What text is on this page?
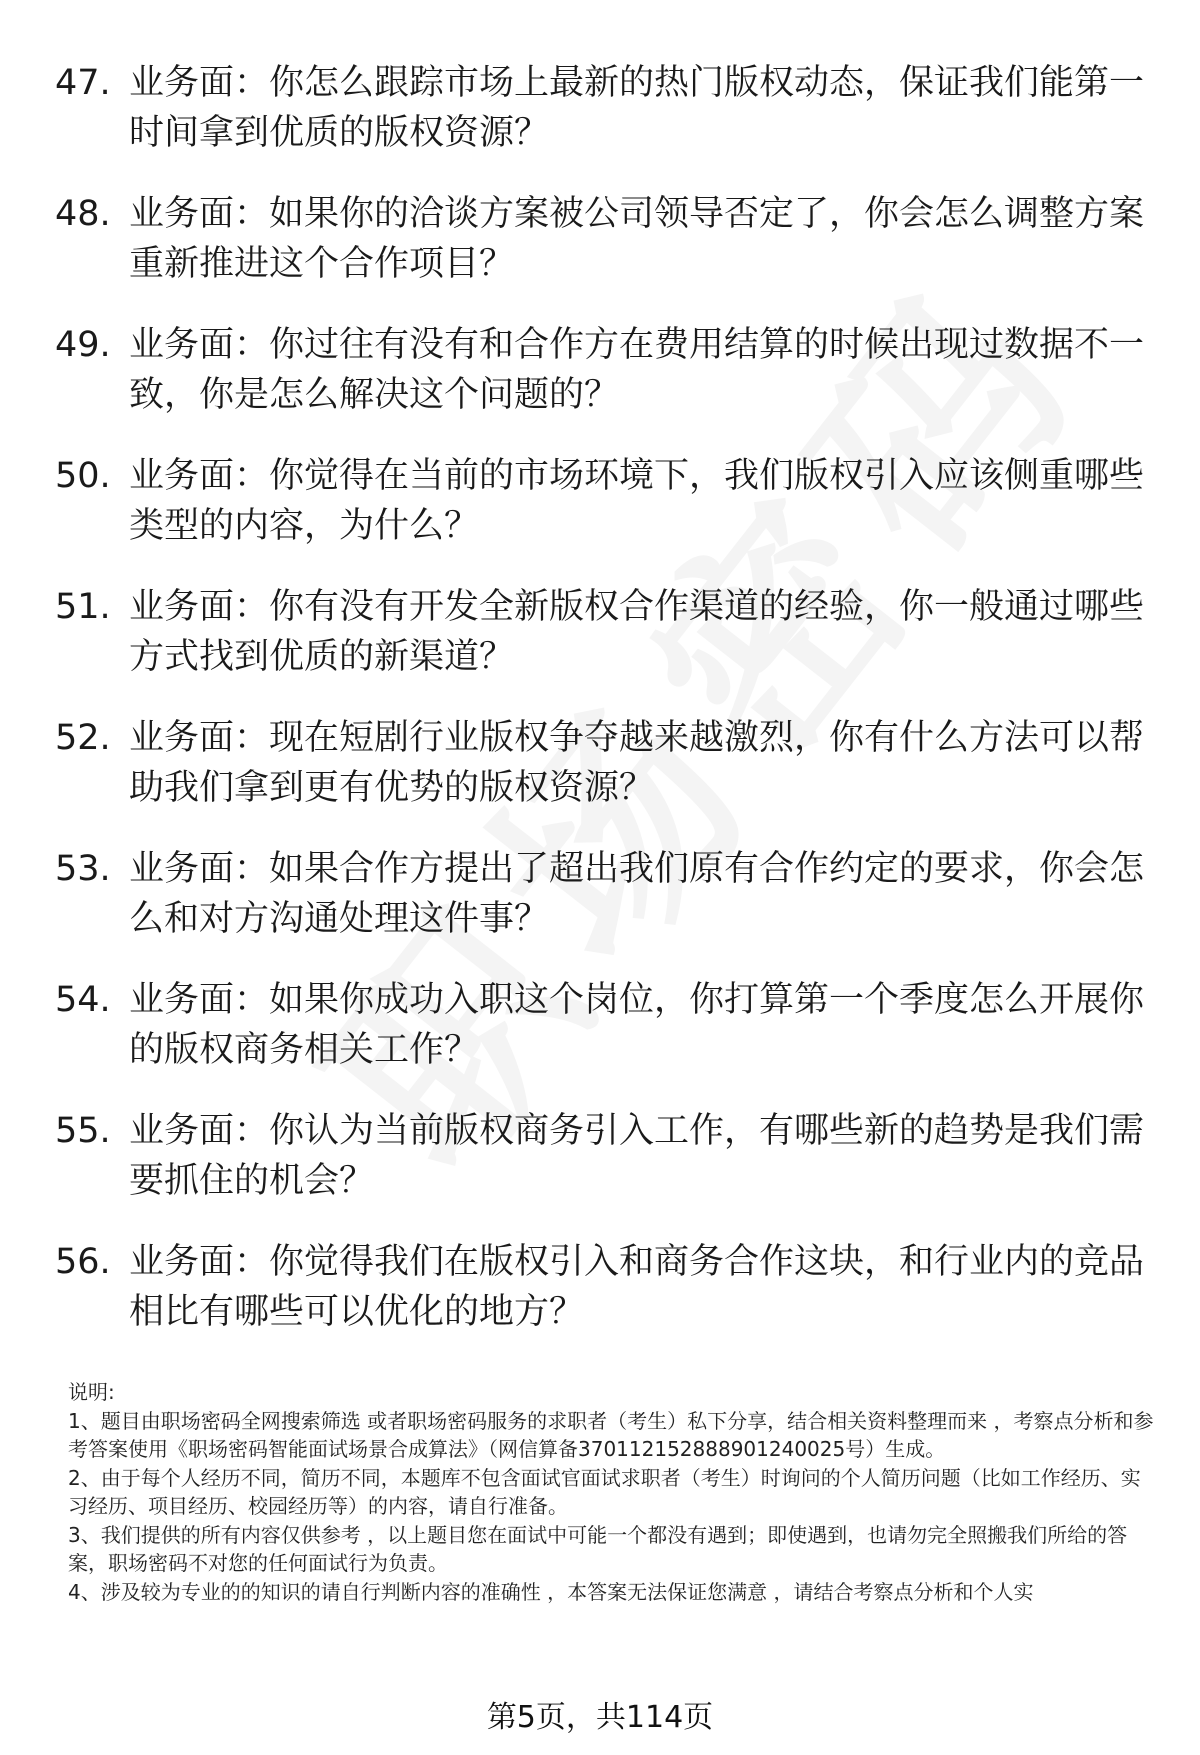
47. 业务面：你怎么跟踪市场上最新的热门版权动态，保证我们能第一时间拿到优质的版权资源？
48. 业务面：如果你的洽谈方案被公司领导否定了，你会怎么调整方案重新推进这个合作项目？
49. 业务面：你过往有没有和合作方在费用结算的时候出现过数据不一致，你是怎么解决这个问题的？
50. 业务面：你觉得在当前的市场环境下，我们版权引入应该侧重哪些类型的内容，为什么？
51. 业务面：你有没有开发全新版权合作渠道的经验，你一般通过哪些方式找到优质的新渠道？
52. 业务面：现在短剧行业版权争夺越来越激烈，你有什么方法可以帮助我们拿到更有优势的版权资源？
53. 业务面：如果合作方提出了超出我们原有合作约定的要求，你会怎么和对方沟通处理这件事？
54. 业务面：如果你成功入职这个岗位，你打算第一个季度怎么开展你的版权商务相关工作？
55. 业务面：你认为当前版权商务引入工作，有哪些新的趋势是我们需要抓住的机会？
56. 业务面：你觉得我们在版权引入和商务合作这块，和行业内的竞品相比有哪些可以优化的地方？

说明:

1、题目由职场密码全网搜索筛选 或者职场密码服务的求职者（考生）私下分享，结合相关资料整理而来 ，考察点分析和参考答案使用《职场密码智能面试场景合成算法》（网信算备370112152888901240025号）生成。

2、由于每个人经历不同，简历不同，本题库不包含面试官面试求职者（考生）时询问的个人简历问题（比如工作经历、实习经历、项目经历、校园经历等）的内容，请自行准备。

3、我们提供的所有内容仅供参考 ，以上题目您在面试中可能一个都没有遇到；即使遇到，也请勿完全照搬我们所给的答案，职场密码不对您的任何面试行为负责。

4、涉及较为专业的的知识的请自行判断内容的准确性 ，本答案无法保证您满意 ，请结合考察点分析和个人实

第5页，共114页
